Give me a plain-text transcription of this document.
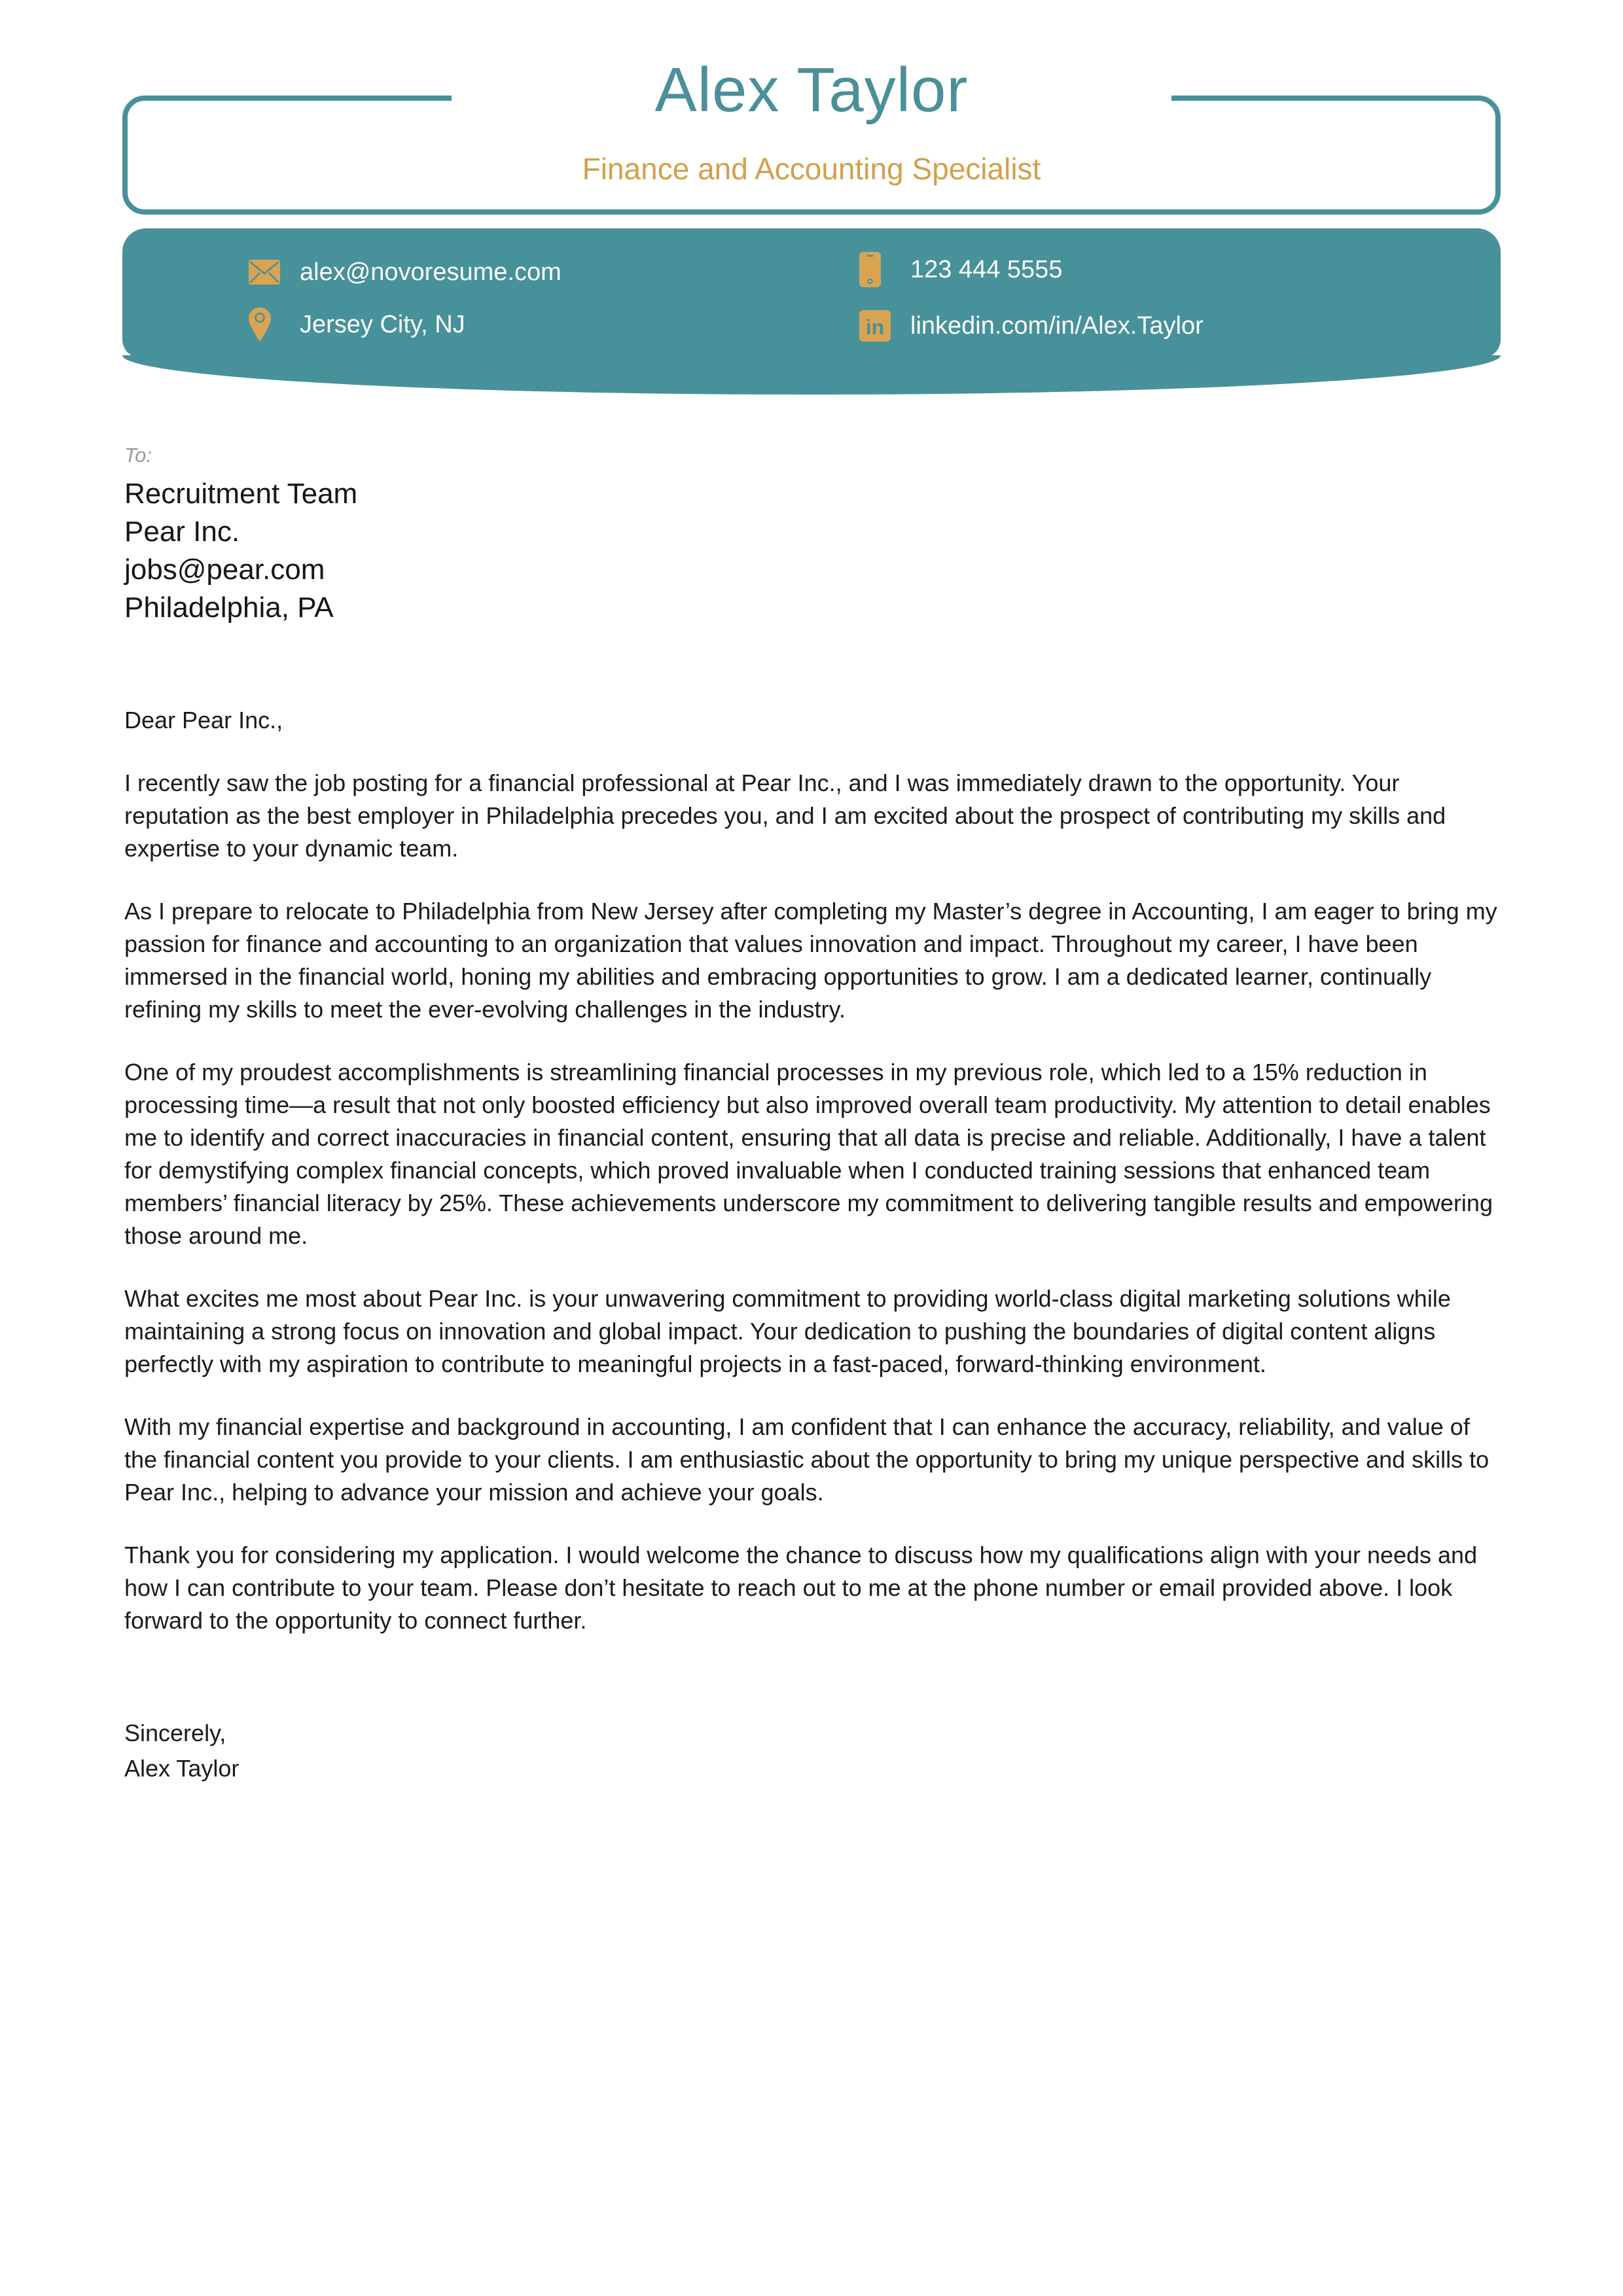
Alex Taylor
Finance and Accounting Specialist
alex@novoresume.com	123 444 5555
Jersey City, NJ	in linkedin.com/in/Alex.Taylor
To:
Recruitment Team
Pear Inc.
jobs@pear.com
Philadelphia, PA

Dear Pear Inc.,

I recently saw the job posting for a financial professional at Pear Inc., and I was immediately drawn to the opportunity. Your reputation as the best employer in Philadelphia precedes you, and I am excited about the prospect of contributing my skills and expertise to your dynamic team.

As I prepare to relocate to Philadelphia from New Jersey after completing my Master’s degree in Accounting, I am eager to bring my passion for finance and accounting to an organization that values innovation and impact. Throughout my career, I have been immersed in the financial world, honing my abilities and embracing opportunities to grow. I am a dedicated learner, continually refining my skills to meet the ever-evolving challenges in the industry.

One of my proudest accomplishments is streamlining financial processes in my previous role, which led to a 15% reduction in processing time—a result that not only boosted efficiency but also improved overall team productivity. My attention to detail enables me to identify and correct inaccuracies in financial content, ensuring that all data is precise and reliable. Additionally, I have a talent for demystifying complex financial concepts, which proved invaluable when I conducted training sessions that enhanced team members’ financial literacy by 25%. These achievements underscore my commitment to delivering tangible results and empowering those around me.

What excites me most about Pear Inc. is your unwavering commitment to providing world-class digital marketing solutions while maintaining a strong focus on innovation and global impact. Your dedication to pushing the boundaries of digital content aligns perfectly with my aspiration to contribute to meaningful projects in a fast-paced, forward-thinking environment.

With my financial expertise and background in accounting, I am confident that I can enhance the accuracy, reliability, and value of the financial content you provide to your clients. I am enthusiastic about the opportunity to bring my unique perspective and skills to Pear Inc., helping to advance your mission and achieve your goals.

Thank you for considering my application. I would welcome the chance to discuss how my qualifications align with your needs and how I can contribute to your team. Please don’t hesitate to reach out to me at the phone number or email provided above. I look forward to the opportunity to connect further.

Sincerely,
Alex Taylor
